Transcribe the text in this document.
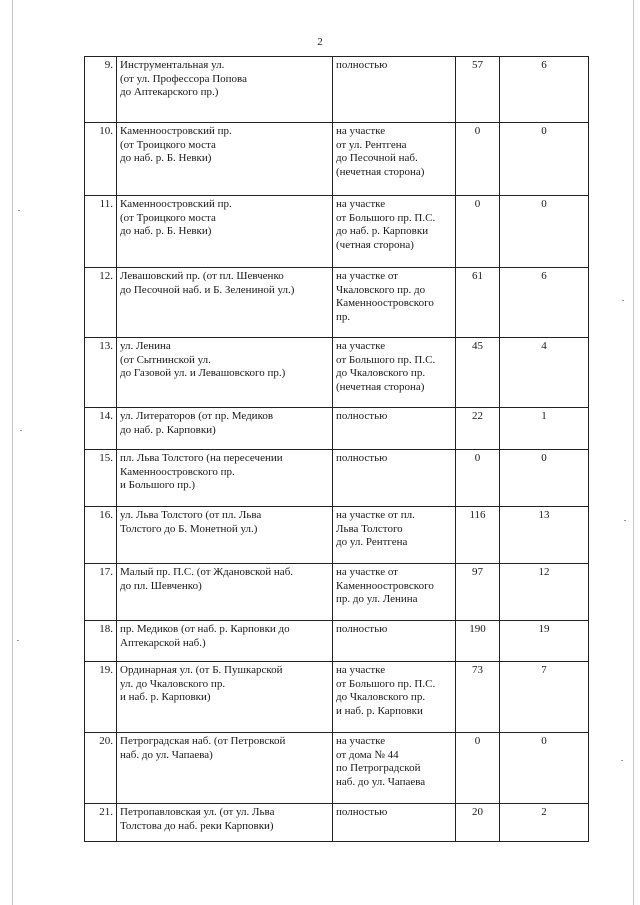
2
9.	Инструментальная ул.
(от ул. Профессора Попова
до Аптекарского пр.)	полностью	57	6
10.	Каменноостровский пр.
(от Троицкого моста
до наб. р. Б. Невки)	на участке
от ул. Рентгена
до Песочной наб.
(нечетная сторона)	0	0
11.	Каменноостровский пр.
(от Троицкого моста
до наб. р. Б. Невки)	на участке
от Большого пр. П.С.
до наб. р. Карповки
(четная сторона)	0	0
12.	Левашовский пр. (от пл. Шевченко
до Песочной наб. и Б. Зелениной ул.)	на участке от
Чкаловского пр. до
Каменноостровского
пр.	61	6
13.	ул. Ленина
(от Сытнинской ул.
до Газовой ул. и Левашовского пр.)	на участке
от Большого пр. П.С.
до Чкаловского пр.
(нечетная сторона)	45	4
14.	ул. Литераторов (от пр. Медиков
до наб. р. Карповки)	полностью	22	1
15.	пл. Льва Толстого (на пересечении
Каменноостровского пр.
и Большого пр.)	полностью	0	0
16.	ул. Льва Толстого (от пл. Льва
Толстого до Б. Монетной ул.)	на участке от пл.
Льва Толстого
до ул. Рентгена	116	13
17.	Малый пр. П.С. (от Ждановской наб.
до пл. Шевченко)	на участке от
Каменноостровского
пр. до ул. Ленина	97	12
18.	пр. Медиков (от наб. р. Карповки до
Аптекарской наб.)	полностью	190	19
19.	Ординарная ул. (от Б. Пушкарской
ул. до Чкаловского пр.
и наб. р. Карповки)	на участке
от Большого пр. П.С.
до Чкаловского пр.
и наб. р. Карповки	73	7
20.	Петроградская наб. (от Петровской
наб. до ул. Чапаева)	на участке
от дома № 44
по Петроградской
наб. до ул. Чапаева	0	0
21.	Петропавловская ул. (от ул. Льва
Толстова до наб. реки Карповки)	полностью	20	2
